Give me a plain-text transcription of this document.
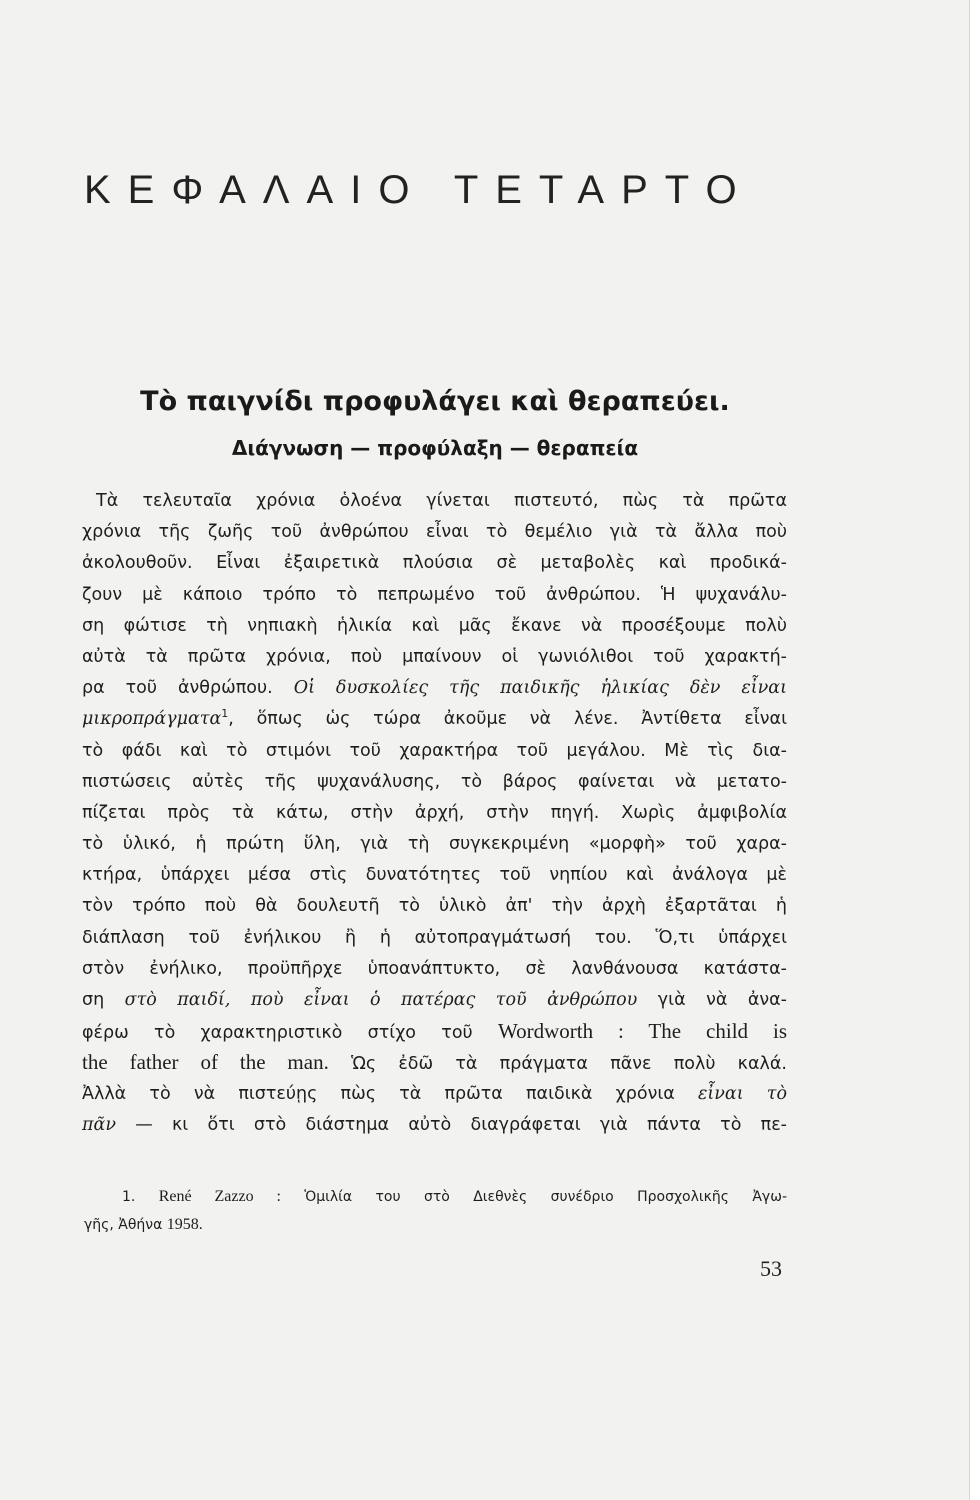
ΚΕΦΑΛΑΙΟ ΤΕΤΑΡΤΟ
Τὸ παιγνίδι προφυλάγει καὶ θεραπεύει.
Διάγνωση — προφύλαξη — θεραπεία
Τὰ τελευταῖα χρόνια ὁλοένα γίνεται πιστευτό, πὼς τὰ πρῶτα
χρόνια τῆς ζωῆς τοῦ ἀνθρώπου εἶναι τὸ θεμέλιο γιὰ τὰ ἄλλα ποὺ
ἀκολουθοῦν. Εἶναι ἐξαιρετικὰ πλούσια σὲ μεταβολὲς καὶ προδικά-
ζουν μὲ κάποιο τρόπο τὸ πεπρωμένο τοῦ ἀνθρώπου. Ἡ ψυχανάλυ-
ση φώτισε τὴ νηπιακὴ ἡλικία καὶ μᾶς ἔκανε νὰ προσέξουμε πολὺ
αὐτὰ τὰ πρῶτα χρόνια, ποὺ μπαίνουν οἱ γωνιόλιθοι τοῦ χαρακτή-
ρα τοῦ ἀνθρώπου. Οἱ δυσκολίες τῆς παιδικῆς ἡλικίας δὲν εἶναι
μικροπράγματα$^1$, ὅπως ὡς τώρα ἀκοῦμε νὰ λένε. Ἀντίθετα εἶναι
τὸ φάδι καὶ τὸ στιμόνι τοῦ χαρακτήρα τοῦ μεγάλου. Μὲ τὶς δια-
πιστώσεις αὐτὲς τῆς ψυχανάλυσης, τὸ βάρος φαίνεται νὰ μετατο-
πίζεται πρὸς τὰ κάτω, στὴν ἀρχή, στὴν πηγή. Χωρὶς ἀμφιβολία
τὸ ὑλικό, ἡ πρώτη ὕλη, γιὰ τὴ συγκεκριμένη «μορφὴ» τοῦ χαρα-
κτήρα, ὑπάρχει μέσα στὶς δυνατότητες τοῦ νηπίου καὶ ἀνάλογα μὲ
τὸν τρόπο ποὺ θὰ δουλευτῆ τὸ ὑλικὸ ἀπ' τὴν ἀρχὴ ἐξαρτᾶται ἡ
διάπλαση τοῦ ἐνήλικου ἢ ἡ αὐτοπραγμάτωσή του. Ὅ,τι ὑπάρχει
στὸν ἐνήλικο, προϋπῆρχε ὑποανάπτυκτο, σὲ λανθάνουσα κατάστα-
ση στὸ παιδί, ποὺ εἶναι ὁ πατέρας τοῦ ἀνθρώπου γιὰ νὰ ἀνα-
φέρω τὸ χαρακτηριστικὸ στίχο τοῦ Wordworth : The child is
the father of the man. Ὡς ἐδῶ τὰ πράγματα πᾶνε πολὺ καλά.
Ἀλλὰ τὸ νὰ πιστεύῃς πὼς τὰ πρῶτα παιδικὰ χρόνια εἶναι τὸ
πᾶν — κι ὅτι στὸ διάστημα αὐτὸ διαγράφεται γιὰ πάντα τὸ πε-
1. René Zazzo : Ὁμιλία του στὸ Διεθνὲς συνέδριο Προσχολικῆς Ἀγω-
γῆς, Ἀθήνα 1958.
53
